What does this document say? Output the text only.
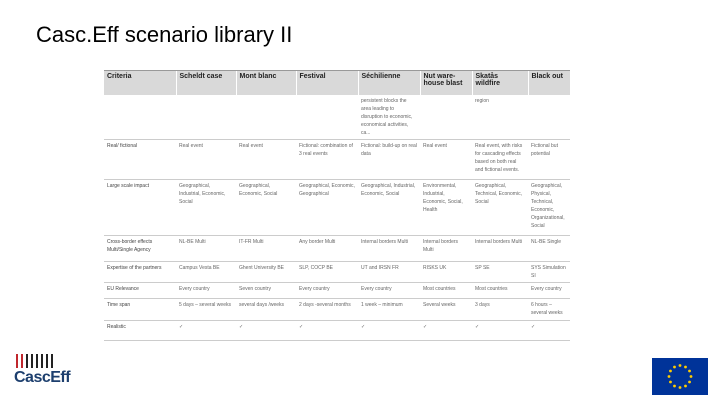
Casc.Eff scenario library II
Criteria	Scheldt case	Mont blanc	Festival	Séchilienne	Nut ware-house blast	Skatås wildfire	Black out
				persistent blocks the area leading to disruption to economic, economical activities, ca...		region	
Real/ fictional	Real event	Real event	Fictional: combination of 3 real events	Fictional: build-up on real data	Real event	Real event, with risks for cascading effects based on both real and fictional events.	Fictional but potential
Large scale impact	Geographical, Industrial, Economic, Social	Geographical, Economic, Social	Geographical, Economic, Geographical	Geographical, Industrial, Economic, Social	Environmental, Industrial, Economic, Social, Health	Geographical, Technical, Economic, Social	Geographical, Physical, Technical, Economic, Organizational, Social
Cross-border effects Multi/Single Agency	NL-BE Multi	IT-FR Multi	Any border Multi	Internal borders Multi	Internal borders Multi	Internal borders Multi	NL-BE Single
Expertise of the partners	Campus Vesta BE	Ghent University BE	SLP, COCP BE	UT and IRSN FR	RISKS UK	SP SE	SYS Simulation SI
EU Relevance	Every country	Seven country	Every country	Every country	Most countries	Most countries	Every country
Time span	5 days – several weeks	several days /weeks	2 days -several months	1 week – minimum	Several weeks	3 days	6 hours – several weeks
Realistic	✓	✓	✓	✓	✓	✓	✓
CascEff
